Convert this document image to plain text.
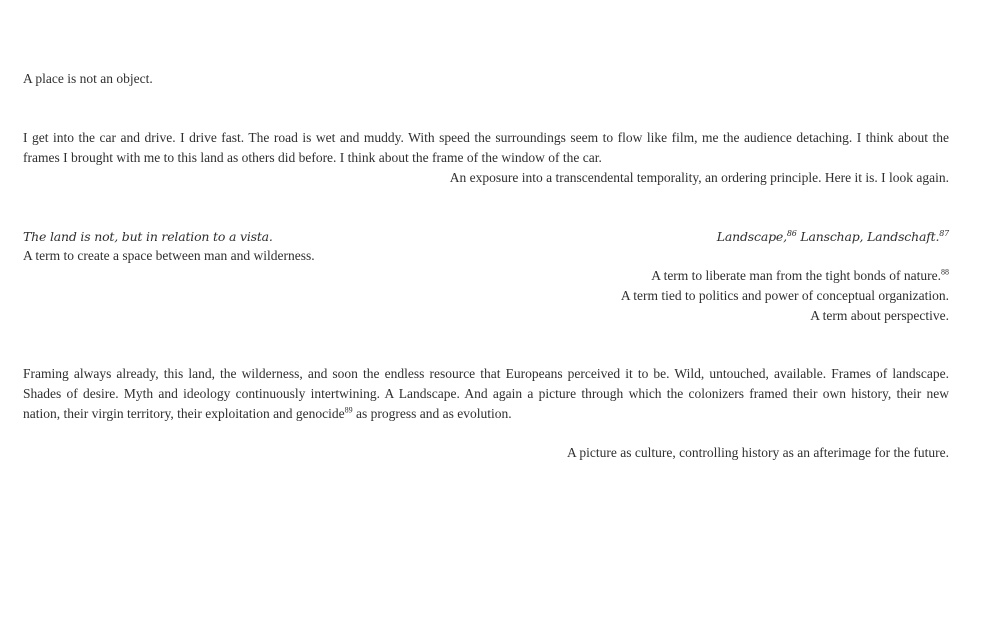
A place is not an object.
I get into the car and drive. I drive fast. The road is wet and muddy. With speed the surroundings seem to flow like film, me the audience detaching. I think about the
frames I brought with me to this land as others did before. I think about the frame of the window of the car.
An exposure into a transcendental temporality, an ordering principle. Here it is. I look again.
The land is not, but in relation to a vista.	Landscape,$^{86}$ Lanschap, Landschaft.$^{87}$
A term to create a space between man and wilderness.
A term to liberate man from the tight bonds of nature.$^{88}$
A term tied to politics and power of conceptual organization.
A term about perspective.
Framing always already, this land, the wilderness, and soon the endless resource that Europeans perceived it to be. Wild, untouched, available. Frames of landscape.
Shades of desire. Myth and ideology continuously intertwining. A Landscape. And again a picture through which the colonizers framed their own history, their new
nation, their virgin territory, their exploitation and genocide$^{89}$ as progress and as evolution.
A picture as culture, controlling history as an afterimage for the future.
